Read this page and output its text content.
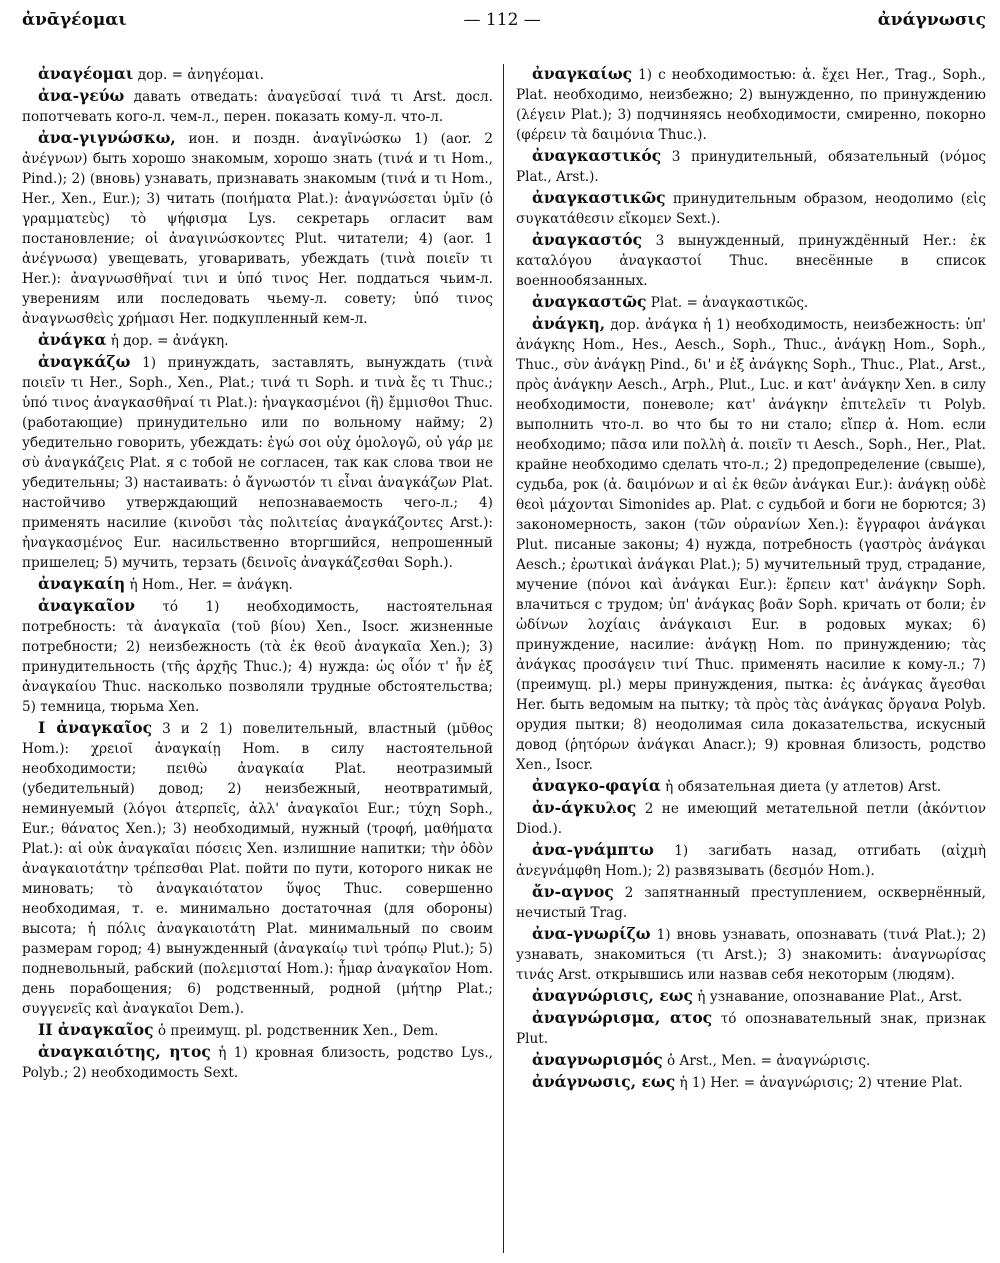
ἀνᾱγέομαι	— 112 —	ἀνάγνωσις

ἀναγέομαι дор. = ἀνηγέομαι.

ἀνα-γεύω давать отведать: ἀναγεῦσαί τινά τι Arst. досл. попотчевать кого-л. чем-л., перен. показать кому-л. что-л.

ἀνα-γιγνώσκω, ион. и поздн. ἀναγῑνώσκω 1) (aor. 2 ἀνέγνων) быть хорошо знакомым, хорошо знать (τινά и τι Hom., Pind.); 2) (вновь) узнавать, признавать знакомым (τινά и τι Hom., Her., Xen., Eur.); 3) читать (ποιήματα Plat.): ἀναγνώσεται ὑμῖν (ὁ γραμματεὺς) τὸ ψήφισμα Lys. секретарь огласит вам постановление; οἱ ἀναγινώσκοντες Plut. читатели; 4) (aor. 1 ἀνέγνωσα) увещевать, уговаривать, убеждать (τινὰ ποιεῖν τι Her.): ἀναγνωσθῆναί τινι и ὑπό τινος Her. поддаться чьим-л. уверениям или последовать чьему-л. совету; ὑπό τινος ἀναγνωσθεὶς χρήμασι Her. подкупленный кем-л.

ἀνάγκα ἡ дор. = ἀνάγκη.

ἀναγκάζω 1) принуждать, заставлять, вынуждать (τινὰ ποιεῖν τι Her., Soph., Xen., Plat.; τινά τι Soph. и τινὰ ἔς τι Thuc.; ὑπό τινος ἀναγκασθῆναί τι Plat.): ἠναγκασμένοι (ἢ) ἔμμισθοι Thuc. (работающие) принудительно или по вольному найму; 2) убедительно говорить, убеждать: ἐγώ σοι οὐχ ὁμολογῶ, οὐ γάρ με σὺ ἀναγκάζεις Plat. я с тобой не согласен, так как слова твои не убедительны; 3) настаивать: ὁ ἄγνωστόν τι εἶναι ἀναγκάζων Plat. настойчиво утверждающий непознаваемость чего-л.; 4) применять насилие (κινοῦσι τὰς πολιτείας ἀναγκάζοντες Arst.): ἠναγκασμένος Eur. насильственно вторгшийся, непрошенный пришелец; 5) мучить, терзать (δεινοῖς ἀναγκάζεσθαι Soph.).

ἀναγκαίη ἡ Hom., Her. = ἀνάγκη.

ἀναγκαῖον τό 1) необходимость, настоятельная потребность: τὰ ἀναγκαῖα (τοῦ βίου) Xen., Isocr. жизненные потребности; 2) неизбежность (τὰ ἐκ θεοῦ ἀναγκαῖα Xen.); 3) принудительность (τῆς ἀρχῆς Thuc.); 4) нужда: ὡς οἷόν τ' ἦν ἐξ ἀναγκαίου Thuc. насколько позволяли трудные обстоятельства; 5) темница, тюрьма Xen.

I ἀναγκαῖος 3 и 2 1) повелительный, властный (μῦθος Hom.): χρειοῖ ἀναγκαίῃ Hom. в силу настоятельной необходимости; πειθὼ ἀναγκαία Plat. неотразимый (убедительный) довод; 2) неизбежный, неотвратимый, неминуемый (λόγοι ἀτερπεῖς, ἀλλ' ἀναγκαῖοι Eur.; τύχη Soph., Eur.; θάνατος Xen.); 3) необходимый, нужный (τροφή, μαθήματα Plat.): αἱ οὐκ ἀναγκαῖαι πόσεις Xen. излишние напитки; τὴν ὁδὸν ἀναγκαιοτάτην τρέπεσθαι Plat. пойти по пути, которого никак не миновать; τὸ ἀναγκαιότατον ὕψος Thuc. совершенно необходимая, т. е. минимально достаточная (для обороны) высота; ἡ πόλις ἀναγκαιοτάτη Plat. минимальный по своим размерам город; 4) вынужденный (ἀναγκαίῳ τινὶ τρόπῳ Plut.); 5) подневольный, рабский (πολεμισταί Hom.): ἦμαρ ἀναγκαῖον Hom. день порабощения; 6) родственный, родной (μήτηρ Plat.; συγγενεῖς καὶ ἀναγκαῖοι Dem.).

II ἀναγκαῖος ὁ преимущ. pl. родственник Xen., Dem.

ἀναγκαιότης, ητος ἡ 1) кровная близость, родство Lys., Polyb.; 2) необходимость Sext.

ἀναγκαίως 1) с необходимостью: ἀ. ἔχει Her., Trag., Soph., Plat. необходимо, неизбежно; 2) вынужденно, по принуждению (λέγειν Plat.); 3) подчиняясь необходимости, смиренно, покорно (φέρειν τὰ δαιμόνια Thuc.).

ἀναγκαστικός 3 принудительный, обязательный (νόμος Plat., Arst.).

ἀναγκαστικῶς принудительным образом, неодолимо (εἰς συγκατάθεσιν εἴκομεν Sext.).

ἀναγκαστός 3 вынужденный, принуждённый Her.: ἐκ καταλόγου ἀναγκαστοί Thuc. внесённые в список военнообязанных.

ἀναγκαστῶς Plat. = ἀναγκαστικῶς.

ἀνάγκη, дор. ἀνάγκα ἡ 1) необходимость, неизбежность: ὑπ' ἀνάγκης Hom., Hes., Aesch., Soph., Thuc., ἀνάγκῃ Hom., Soph., Thuc., σὺν ἀνάγκῃ Pind., δι' и ἐξ ἀνάγκης Soph., Thuc., Plat., Arst., πρὸς ἀνάγκην Aesch., Arph., Plut., Luc. и κατ' ἀνάγκην Xen. в силу необходимости, поневоле; κατ' ἀνάγκην ἐπιτελεῖν τι Polyb. выполнить что-л. во что бы то ни стало; εἴπερ ἀ. Hom. если необходимо; πᾶσα или πολλὴ ἀ. ποιεῖν τι Aesch., Soph., Her., Plat. крайне необходимо сделать что-л.; 2) предопределение (свыше), судьба, рок (ἀ. δαιμόνων и αἱ ἐκ θεῶν ἀνάγκαι Eur.): ἀνάγκῃ οὐδὲ θεοὶ μάχονται Simonides ap. Plat. с судьбой и боги не борются; 3) закономерность, закон (τῶν οὐρανίων Xen.): ἔγγραφοι ἀνάγκαι Plut. писаные законы; 4) нужда, потребность (γαστρὸς ἀνάγκαι Aesch.; ἐρωτικαὶ ἀνάγκαι Plat.); 5) мучительный труд, страдание, мучение (πόνοι καὶ ἀνάγκαι Eur.): ἕρπειν κατ' ἀνάγκην Soph. влачиться с трудом; ὑπ' ἀνάγκας βοᾶν Soph. кричать от боли; ἐν ὠδίνων λοχίαις ἀνάγκαισι Eur. в родовых муках; 6) принуждение, насилие: ἀνάγκῃ Hom. по принуждению; τὰς ἀνάγκας προσάγειν τινί Thuc. применять насилие к кому-л.; 7) (преимущ. pl.) меры принуждения, пытка: ἐς ἀνάγκας ἄγεσθαι Her. быть ведомым на пытку; τὰ πρὸς τὰς ἀνάγκας ὄργανα Polyb. орудия пытки; 8) неодолимая сила доказательства, искусный довод (ῥητόρων ἀνάγκαι Anacr.); 9) кровная близость, родство Xen., Isocr.

ἀναγκο-φαγία ἡ обязательная диета (у атлетов) Arst.

ἀν-άγκυλος 2 не имеющий метательной петли (ἀκόντιον Diod.).

ἀνα-γνάμπτω 1) загибать назад, отгибать (αἰχμὴ ἀνεγνάμφθη Hom.); 2) развязывать (δεσμόν Hom.).

ἄν-αγνος 2 запятнанный преступлением, осквернённый, нечистый Trag.

ἀνα-γνωρίζω 1) вновь узнавать, опознавать (τινά Plat.); 2) узнавать, знакомиться (τι Arst.); 3) знакомить: ἀναγνωρίσας τινάς Arst. открывшись или назвав себя некоторым (людям).

ἀναγνώρισις, εως ἡ узнавание, опознавание Plat., Arst.

ἀναγνώρισμα, ατος τό опознавательный знак, признак Plut.

ἀναγνωρισμός ὁ Arst., Men. = ἀναγνώρισις.

ἀνάγνωσις, εως ἡ 1) Her. = ἀναγνώρισις; 2) чтение Plat.
